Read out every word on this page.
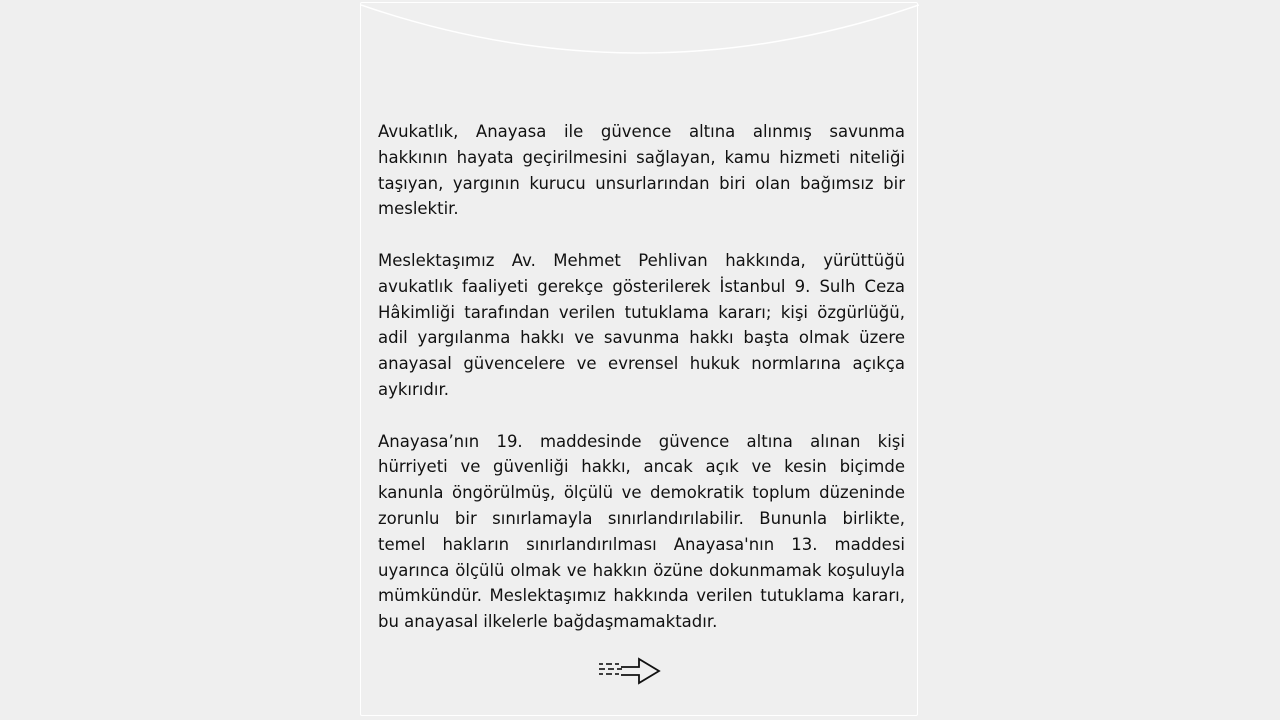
Avukatlık, Anayasa ile güvence altına alınmış savunma hakkının hayata geçirilmesini sağlayan, kamu hizmeti niteliği taşıyan, yargının kurucu unsurlarından biri olan bağımsız bir meslektir.

Meslektaşımız Av. Mehmet Pehlivan hakkında, yürüttüğü avukatlık faaliyeti gerekçe gösterilerek İstanbul 9. Sulh Ceza Hâkimliği tarafından verilen tutuklama kararı; kişi özgürlüğü, adil yargılanma hakkı ve savunma hakkı başta olmak üzere anayasal güvencelere ve evrensel hukuk normlarına açıkça aykırıdır.

Anayasa’nın 19. maddesinde güvence altına alınan kişi hürriyeti ve güvenliği hakkı, ancak açık ve kesin biçimde kanunla öngörülmüş, ölçülü ve demokratik toplum düzeninde zorunlu bir sınırlamayla sınırlandırılabilir. Bununla birlikte, temel hakların sınırlandırılması Anayasa'nın 13. maddesi uyarınca ölçülü olmak ve hakkın özüne dokunmamak koşuluyla mümkündür. Meslektaşımız hakkında verilen tutuklama kararı, bu anayasal ilkelerle bağdaşmamaktadır.
